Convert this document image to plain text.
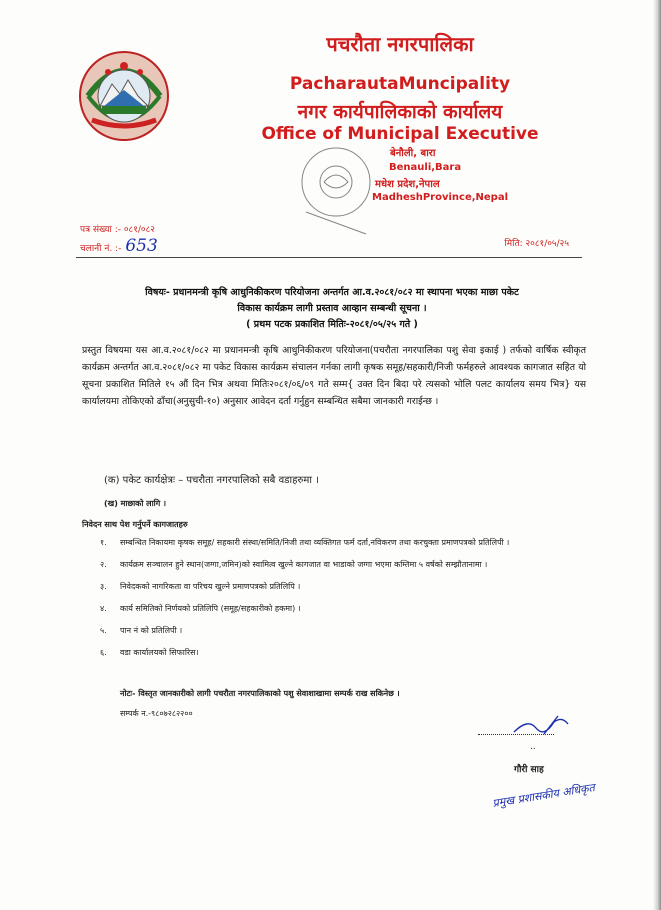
पचरौता नगरपालिका
PacharautaMuncipality
नगर कार्यपालिकाको कार्यालय
Office of Municipal Executive
बेनौली, बारा
Benauli,Bara
मधेश प्रदेश,नेपाल
MadheshProvince,Nepal
पत्र संख्या :- ०८१/०८२
चलानी नं. :- 653	मिति: २०८१/०५/२५
विषयः- प्रधानमन्त्री कृषि आधुनिकीकरण परियोजना अन्तर्गत आ.व.२०८१/०८२ मा स्थापना भएका माछा पकेट
विकास कार्यक्रम लागी प्रस्ताव आव्हान सम्बन्धी सूचना ।
( प्रथम पटक प्रकाशित मितिः-२०८१/०५/२५ गते )
प्रस्तुत विषयमा यस आ.व.२०८१/०८२ मा प्रधानमन्त्री कृषि आधुनिकीकरण परियोजना(पचरौता नगरपालिका पशु सेवा इकाई ) तर्फको वार्षिक स्वीकृत कार्यक्रम अन्तर्गत आ.व.२०८१/०८२ मा पकेट विकास कार्यक्रम संचालन गर्नका लागी कृषक समूह/सहकारी/निजी फर्महरुले आवश्यक कागजात सहित यो सूचना प्रकाशित मितिले १५ औं दिन भित्र अथवा मितिः२०८१/०६/०९ गते सम्म{ उक्त दिन बिदा परे त्यसको भोलि पलट कार्यालय समय भित्र} यस कार्यालयमा तोकिएको ढाँचा(अनुसुची-१०) अनुसार आवेदन दर्ता गर्नुहुन सम्बन्धित सबैमा जानकारी गराईन्छ ।
(क) पकेट कार्यक्षेत्रः – पचरौता नगरपालिको सबै वडाहरुमा ।
(ख) माछाको लागि ।
निवेदन साथ पेश गर्नुपर्ने कागजातहरु
१. सम्बन्धित निकायमा कृषक समूह/ सहकारी संस्था/समिति/निजी तथा व्यक्तिगत फर्म दर्ता,नविकरण तथा करचुक्ता प्रमाणपत्रको प्रतिलिपी ।
२. कार्यक्रम सञ्चालन हुने स्थान(जग्गा,जमिन)को स्वामित्व खुल्ने कागजात वा भाडाको जग्गा भएमा कम्तिमा ५ वर्षको सम्झौतानामा ।
३. निवेदकको नागरिकता वा परिचय खुल्ने प्रमाणपत्रको प्रतिलिपि ।
४. कार्य समितिको निर्णयको प्रतिलिपि (समूह/सहकारीको हकमा) ।
५. पान नं को प्रतिलिपी ।
६. वडा कार्यालयको सिफारिस।
नोटः- विस्तृत जानकारीको लागी पचरौता नगरपालिकाको पशु सेवाशाखामा सम्पर्क राख सकिनेछ ।
सम्पर्क न.-९८०७२८२२००
..
गौरी साह
प्रमुख प्रशासकीय अधिकृत
